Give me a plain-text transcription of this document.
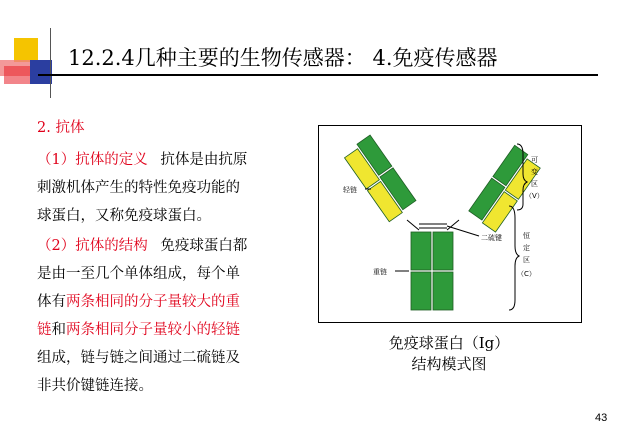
12.2.4几种主要的生物传感器： 4.免疫传感器
2. 抗体
（1）抗体的定义 抗体是由抗原
刺激机体产生的特性免疫功能的
球蛋白，又称免疫球蛋白。
（2）抗体的结构 免疫球蛋白都
是由一至几个单体组成，每个单
体有两条相同的分子量较大的重
链和两条相同分子量较小的轻链
组成，链与链之间通过二硫链及
非共价键链连接。
轻链
重链
二硫键
可
变
区
（V）
恒
定
区
（C）
免疫球蛋白（Ig）
结构模式图
43
